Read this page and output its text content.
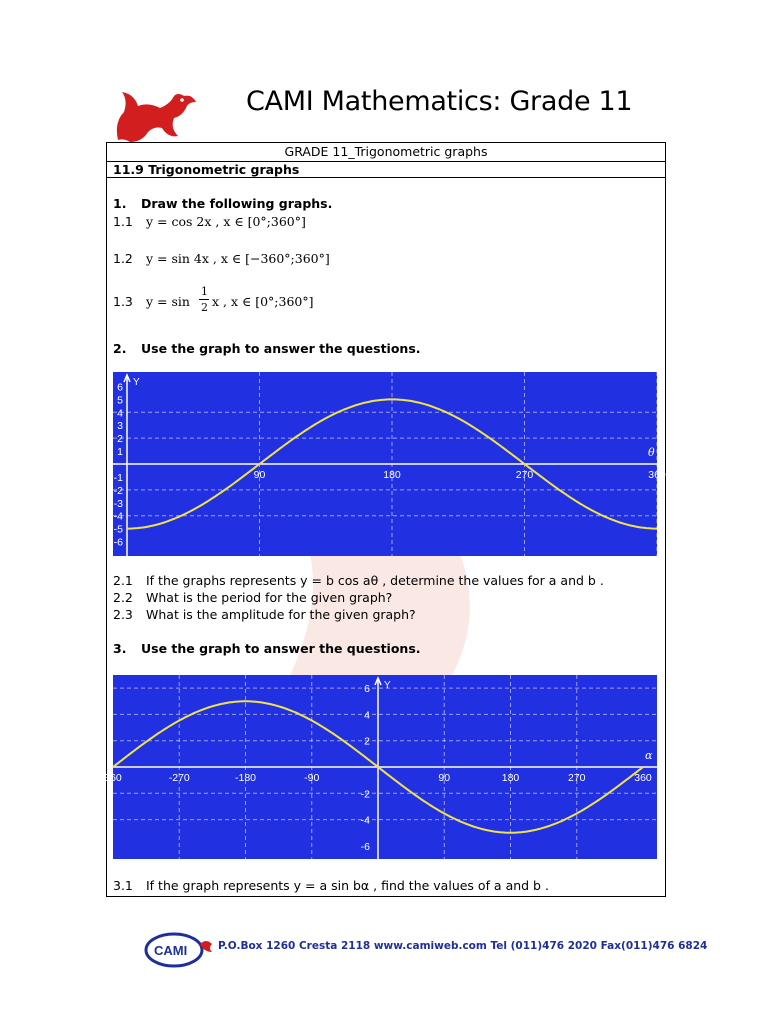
CAMI Mathematics: Grade 11
GRADE 11_Trigonometric graphs
11.9 Trigonometric graphs
1. Draw the following graphs.
1.1 y = cos 2x , x ∈ [0°;360°]
1.2 y = sin 4x , x ∈ [−360°;360°]
1.3 y = sin
1
2 x , x ∈ [0°;360°]
2. Use the graph to answer the questions.
Y
θ
90	180	270	360
-6
-5
-4
-3
-2
-1
1
2
3
4
5
6
2.1 If the graphs represents y = b cos aθ , determine the values for a and b .
2.2 What is the period for the given graph?
2.3 What is the amplitude for the given graph?
3. Use the graph to answer the questions.
Y
α
360	-270	-180	-90	90	180	270	360
6
4
2
-2
-4
-6
3.1 If the graph represents y = a sin bα , find the values of a and b .
CAMI	P.O.Box 1260 Cresta 2118 www.camiweb.com Tel (011)476 2020 Fax(011)476 6824
